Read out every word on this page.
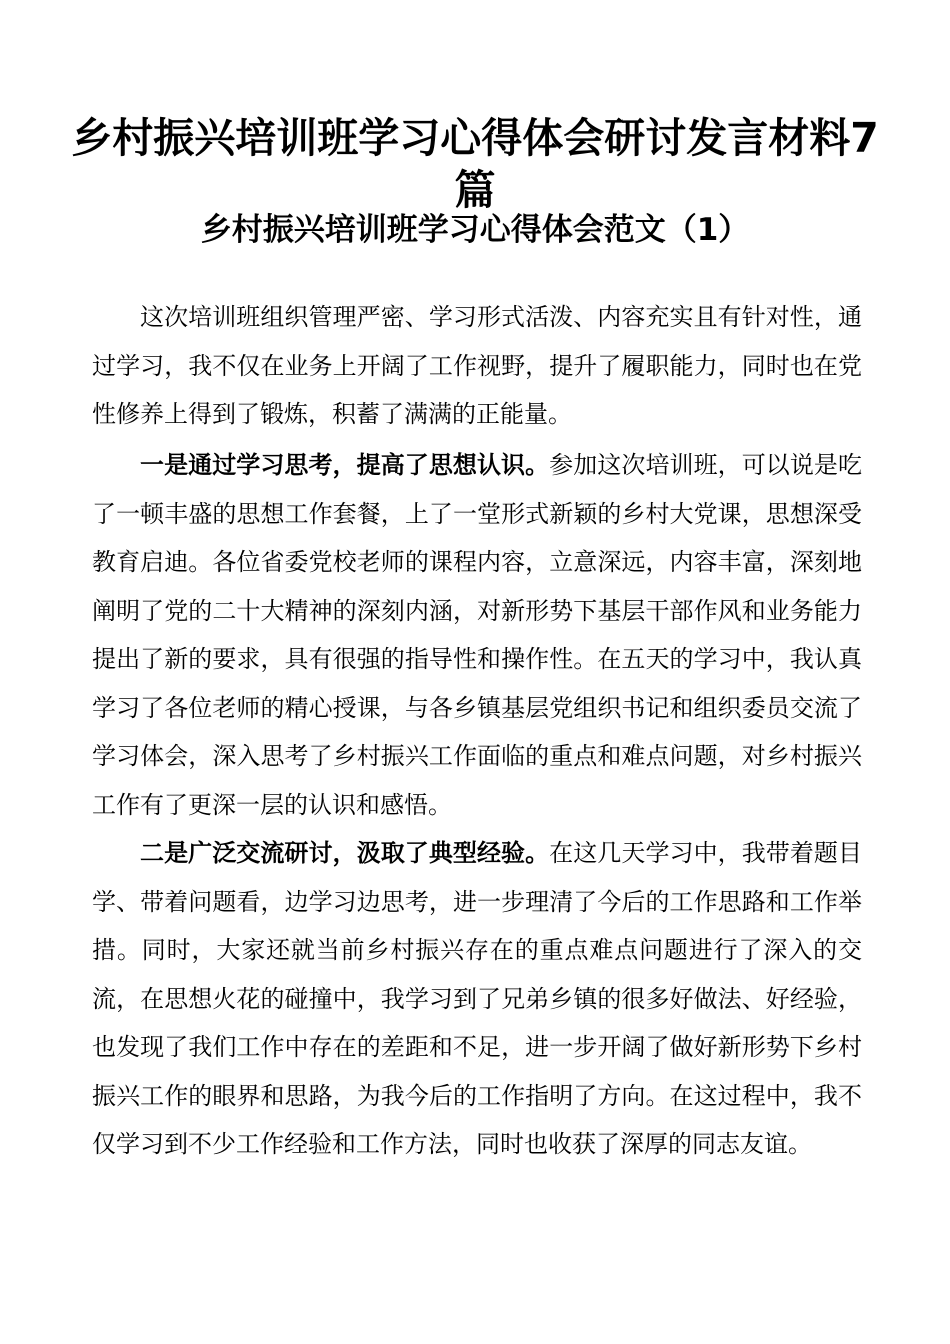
乡村振兴培训班学习心得体会研讨发言材料7篇
乡村振兴培训班学习心得体会范文（1）

这次培训班组织管理严密、学习形式活泼、内容充实且有针对性，通过学习，我不仅在业务上开阔了工作视野，提升了履职能力，同时也在党性修养上得到了锻炼，积蓄了满满的正能量。

一是通过学习思考，提高了思想认识。参加这次培训班，可以说是吃了一顿丰盛的思想工作套餐，上了一堂形式新颖的乡村大党课，思想深受教育启迪。各位省委党校老师的课程内容，立意深远，内容丰富，深刻地阐明了党的二十大精神的深刻内涵，对新形势下基层干部作风和业务能力提出了新的要求，具有很强的指导性和操作性。在五天的学习中，我认真学习了各位老师的精心授课，与各乡镇基层党组织书记和组织委员交流了学习体会，深入思考了乡村振兴工作面临的重点和难点问题，对乡村振兴工作有了更深一层的认识和感悟。

二是广泛交流研讨，汲取了典型经验。在这几天学习中，我带着题目学、带着问题看，边学习边思考，进一步理清了今后的工作思路和工作举措。同时，大家还就当前乡村振兴存在的重点难点问题进行了深入的交流，在思想火花的碰撞中，我学习到了兄弟乡镇的很多好做法、好经验，也发现了我们工作中存在的差距和不足，进一步开阔了做好新形势下乡村振兴工作的眼界和思路，为我今后的工作指明了方向。在这过程中，我不仅学习到不少工作经验和工作方法，同时也收获了深厚的同志友谊。
